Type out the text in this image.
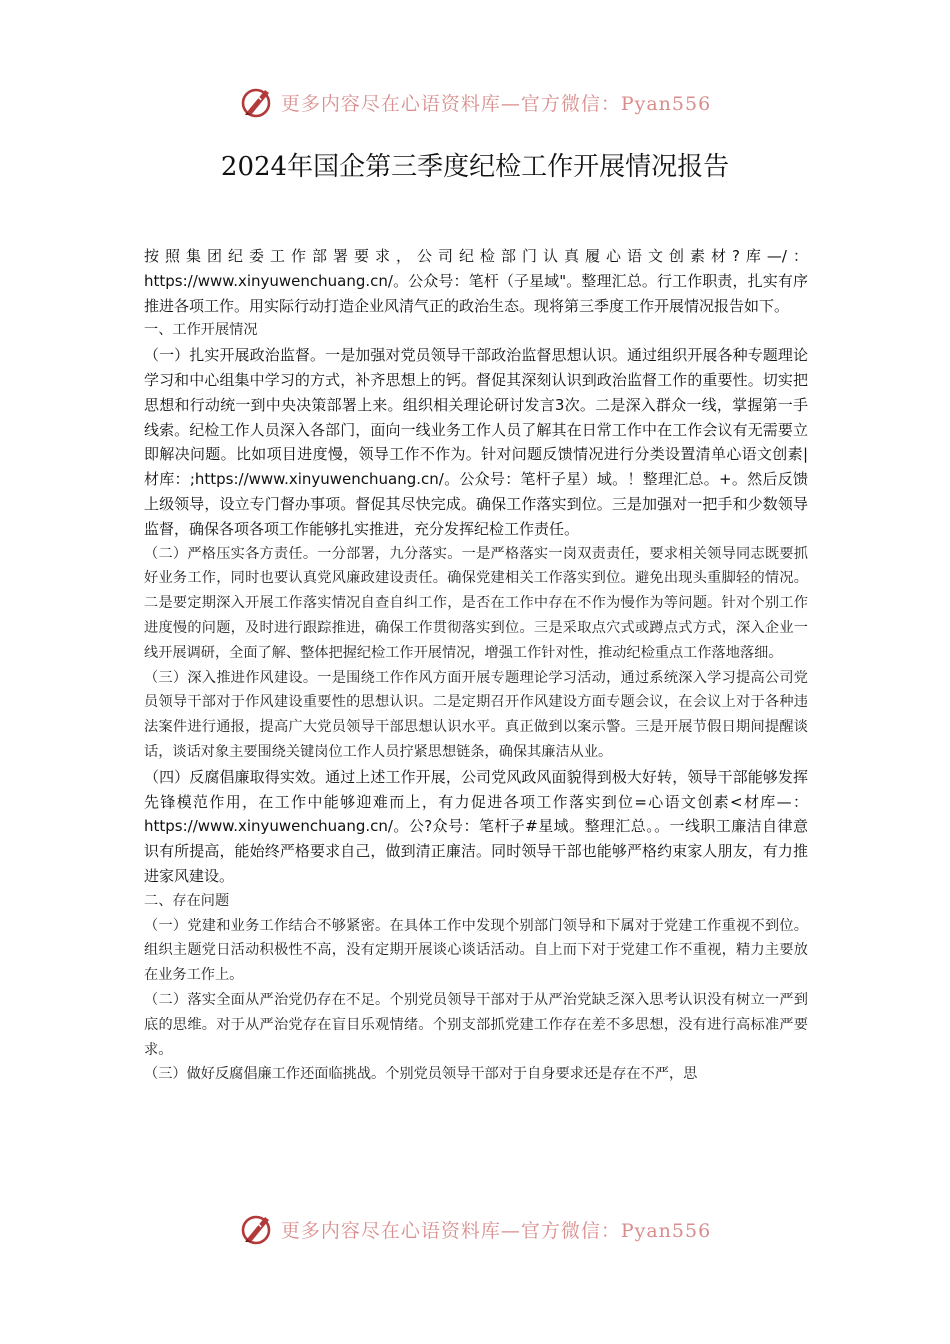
更多内容尽在心语资料库—官方微信：Pyan556
2024年国企第三季度纪检工作开展情况报告

按照集团纪委工作部署要求，公司纪检部门认真履心语文创素材?库—/：https://www.xinyuwenchuang.cn/。公众号：笔杆（子星域"。整理汇总。行工作职责，扎实有序推进各项工作。用实际行动打造企业风清气正的政治生态。现将第三季度工作开展情况报告如下。

一、工作开展情况

（一）扎实开展政治监督。一是加强对党员领导干部政治监督思想认识。通过组织开展各种专题理论学习和中心组集中学习的方式，补齐思想上的钙。督促其深刻认识到政治监督工作的重要性。切实把思想和行动统一到中央决策部署上来。组织相关理论研讨发言3次。二是深入群众一线，掌握第一手线索。纪检工作人员深入各部门，面向一线业务工作人员了解其在日常工作中在工作会议有无需要立即解决问题。比如项目进度慢，领导工作不作为。针对问题反馈情况进行分类设置清单心语文创素|材库：;https://www.xinyuwenchuang.cn/。公众号：笔杆子星）域。！整理汇总。+。然后反馈上级领导，设立专门督办事项。督促其尽快完成。确保工作落实到位。三是加强对一把手和少数领导监督，确保各项各项工作能够扎实推进，充分发挥纪检工作责任。

（二）严格压实各方责任。一分部署，九分落实。一是严格落实一岗双责责任，要求相关领导同志既要抓好业务工作，同时也要认真党风廉政建设责任。确保党建相关工作落实到位。避免出现头重脚轻的情况。二是要定期深入开展工作落实情况自查自纠工作，是否在工作中存在不作为慢作为等问题。针对个别工作进度慢的问题，及时进行跟踪推进，确保工作贯彻落实到位。三是采取点穴式或蹲点式方式，深入企业一线开展调研，全面了解、整体把握纪检工作开展情况，增强工作针对性，推动纪检重点工作落地落细。

（三）深入推进作风建设。一是围绕工作作风方面开展专题理论学习活动，通过系统深入学习提高公司党员领导干部对于作风建设重要性的思想认识。二是定期召开作风建设方面专题会议，在会议上对于各种违法案件进行通报，提高广大党员领导干部思想认识水平。真正做到以案示警。三是开展节假日期间提醒谈话，谈话对象主要围绕关键岗位工作人员拧紧思想链条，确保其廉洁从业。

（四）反腐倡廉取得实效。通过上述工作开展，公司党风政风面貌得到极大好转，领导干部能够发挥先锋模范作用，在工作中能够迎难而上，有力促进各项工作落实到位=心语文创素<材库—：https://www.xinyuwenchuang.cn/。公?众号：笔杆子#星域。整理汇总。。一线职工廉洁自律意识有所提高，能始终严格要求自己，做到清正廉洁。同时领导干部也能够严格约束家人朋友，有力推进家风建设。

二、存在问题

（一）党建和业务工作结合不够紧密。在具体工作中发现个别部门领导和下属对于党建工作重视不到位。组织主题党日活动积极性不高，没有定期开展谈心谈话活动。自上而下对于党建工作不重视，精力主要放在业务工作上。

（二）落实全面从严治党仍存在不足。个别党员领导干部对于从严治党缺乏深入思考认识没有树立一严到底的思维。对于从严治党存在盲目乐观情绪。个别支部抓党建工作存在差不多思想，没有进行高标准严要求。

（三）做好反腐倡廉工作还面临挑战。个别党员领导干部对于自身要求还是存在不严，思

更多内容尽在心语资料库—官方微信：Pyan556
